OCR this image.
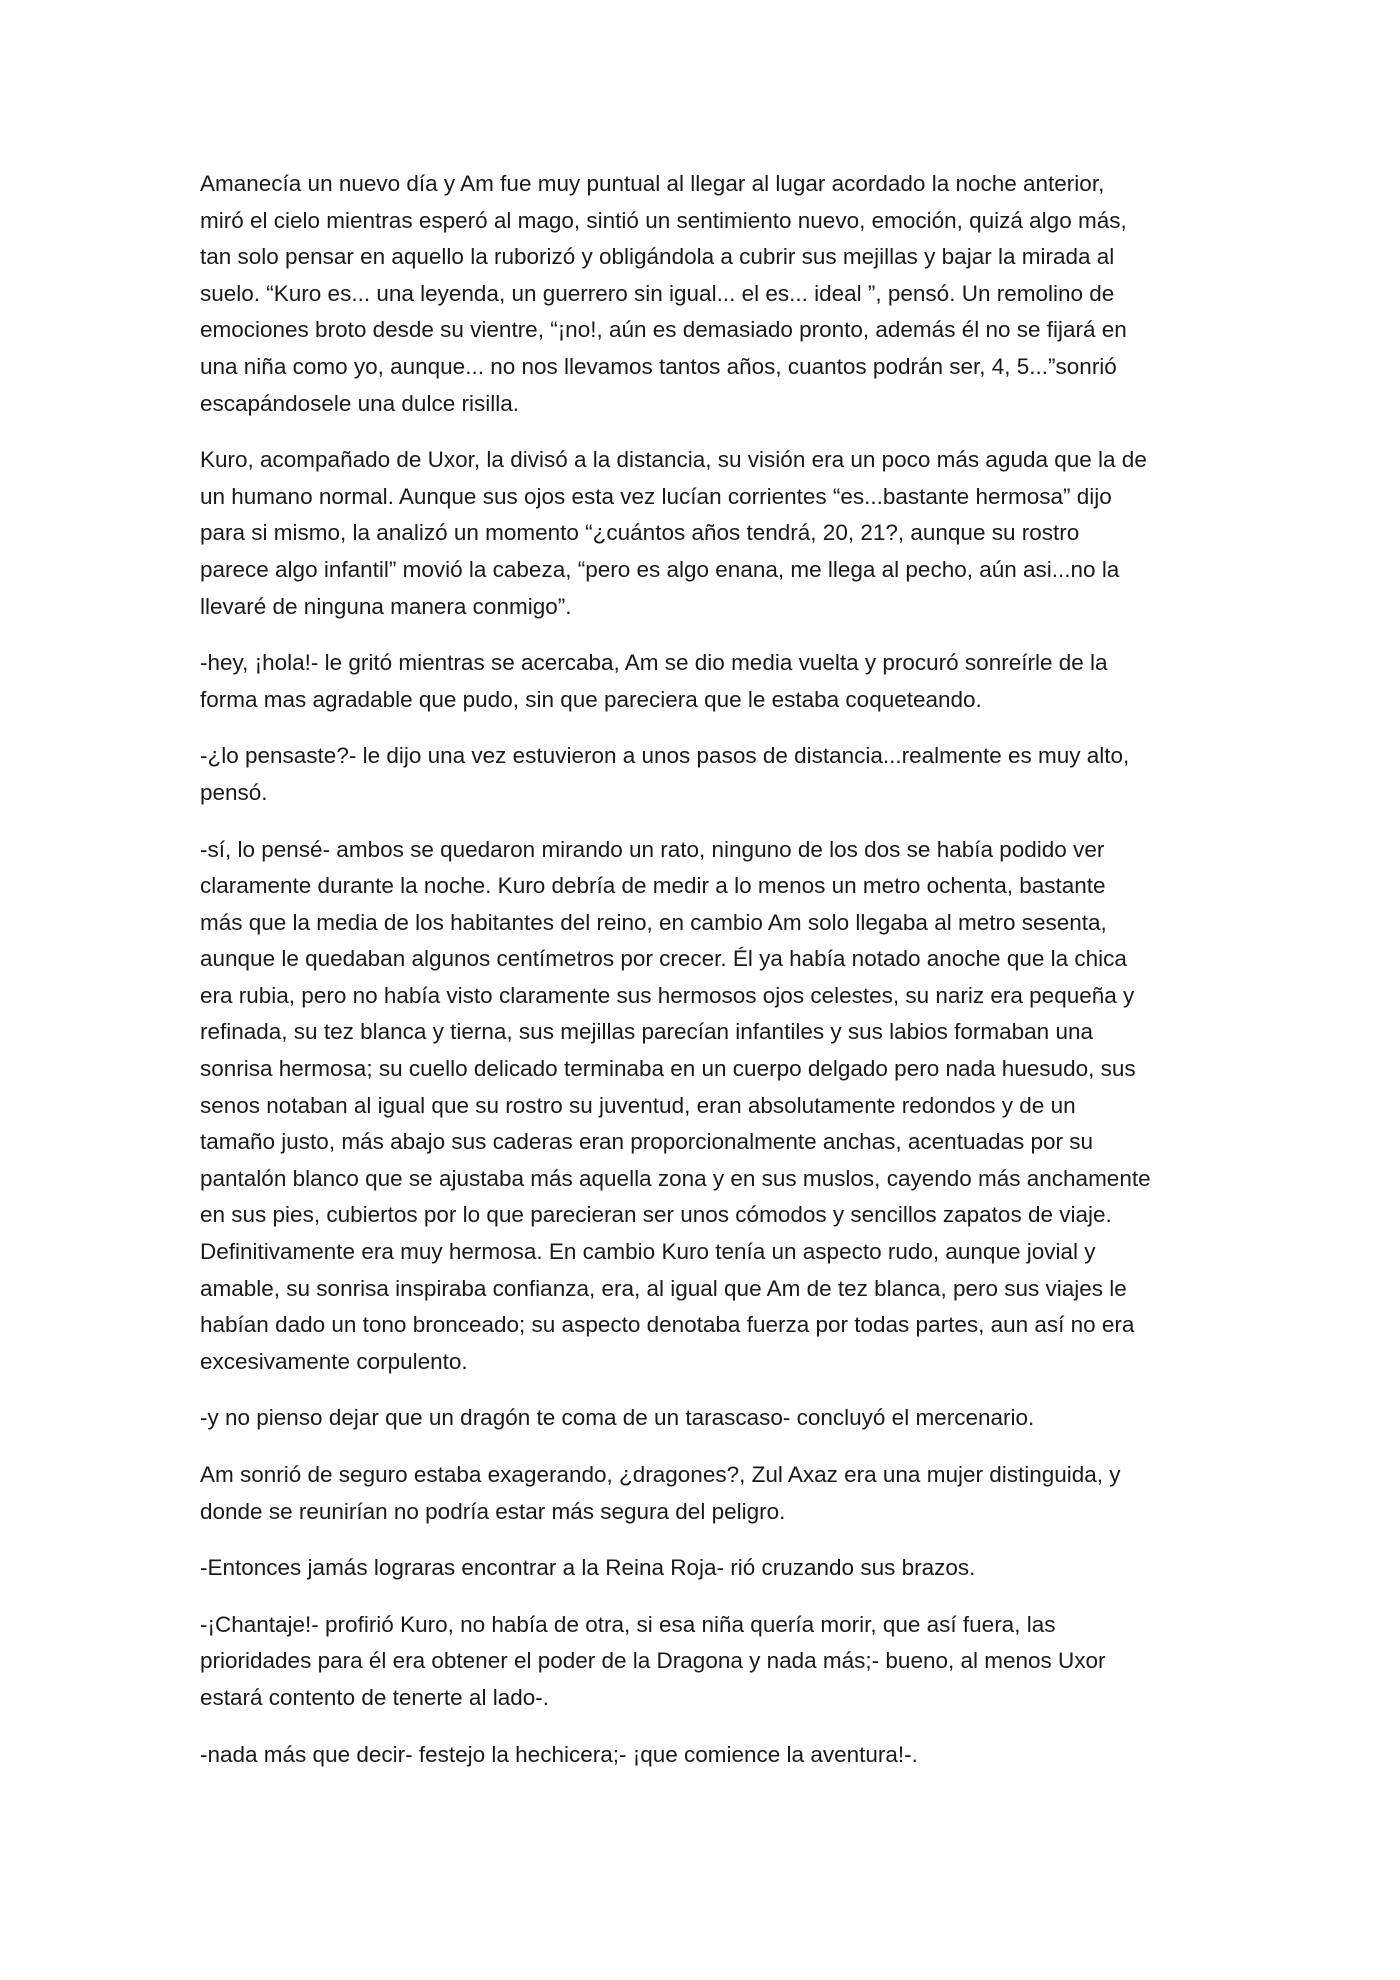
Amanecía un nuevo día y Am fue muy puntual al llegar al lugar acordado la noche anterior,
miró el cielo mientras esperó al mago, sintió un sentimiento nuevo, emoción, quizá algo más,
tan solo pensar en aquello la ruborizó y obligándola a cubrir sus mejillas y bajar la mirada al
suelo. “Kuro es... una leyenda, un guerrero sin igual... el es... ideal ”, pensó. Un remolino de
emociones broto desde su vientre, “¡no!, aún es demasiado pronto, además él no se fijará en
una niña como yo, aunque... no nos llevamos tantos años, cuantos podrán ser, 4, 5...”sonrió
escapándosele una dulce risilla.

Kuro, acompañado de Uxor, la divisó a la distancia, su visión era un poco más aguda que la de
un humano normal. Aunque sus ojos esta vez lucían corrientes “es...bastante hermosa” dijo
para si mismo, la analizó un momento “¿cuántos años tendrá, 20, 21?, aunque su rostro
parece algo infantil” movió la cabeza, “pero es algo enana, me llega al pecho, aún asi...no la
llevaré de ninguna manera conmigo”.

-hey, ¡hola!- le gritó mientras se acercaba, Am se dio media vuelta y procuró sonreírle de la
forma mas agradable que pudo, sin que pareciera que le estaba coqueteando.

-¿lo pensaste?- le dijo una vez estuvieron a unos pasos de distancia...realmente es muy alto,
pensó.

-sí, lo pensé- ambos se quedaron mirando un rato, ninguno de los dos se había podido ver
claramente durante la noche. Kuro debría de medir a lo menos un metro ochenta, bastante
más que la media de los habitantes del reino, en cambio Am solo llegaba al metro sesenta,
aunque le quedaban algunos centímetros por crecer. Él ya había notado anoche que la chica
era rubia, pero no había visto claramente sus hermosos ojos celestes, su nariz era pequeña y
refinada, su tez blanca y tierna, sus mejillas parecían infantiles y sus labios formaban una
sonrisa hermosa; su cuello delicado terminaba en un cuerpo delgado pero nada huesudo, sus
senos notaban al igual que su rostro su juventud, eran absolutamente redondos y de un
tamaño justo, más abajo sus caderas eran proporcionalmente anchas, acentuadas por su
pantalón blanco que se ajustaba más aquella zona y en sus muslos, cayendo más anchamente
en sus pies, cubiertos por lo que parecieran ser unos cómodos y sencillos zapatos de viaje.
Definitivamente era muy hermosa. En cambio Kuro tenía un aspecto rudo, aunque jovial y
amable, su sonrisa inspiraba confianza, era, al igual que Am de tez blanca, pero sus viajes le
habían dado un tono bronceado; su aspecto denotaba fuerza por todas partes, aun así no era
excesivamente corpulento.

-y no pienso dejar que un dragón te coma de un tarascaso- concluyó el mercenario.

Am sonrió de seguro estaba exagerando, ¿dragones?, Zul Axaz era una mujer distinguida, y
donde se reunirían no podría estar más segura del peligro.

-Entonces jamás lograras encontrar a la Reina Roja- rió cruzando sus brazos.

-¡Chantaje!- profirió Kuro, no había de otra, si esa niña quería morir, que así fuera, las
prioridades para él era obtener el poder de la Dragona y nada más;- bueno, al menos Uxor
estará contento de tenerte al lado-.

-nada más que decir- festejo la hechicera;- ¡que comience la aventura!-.
